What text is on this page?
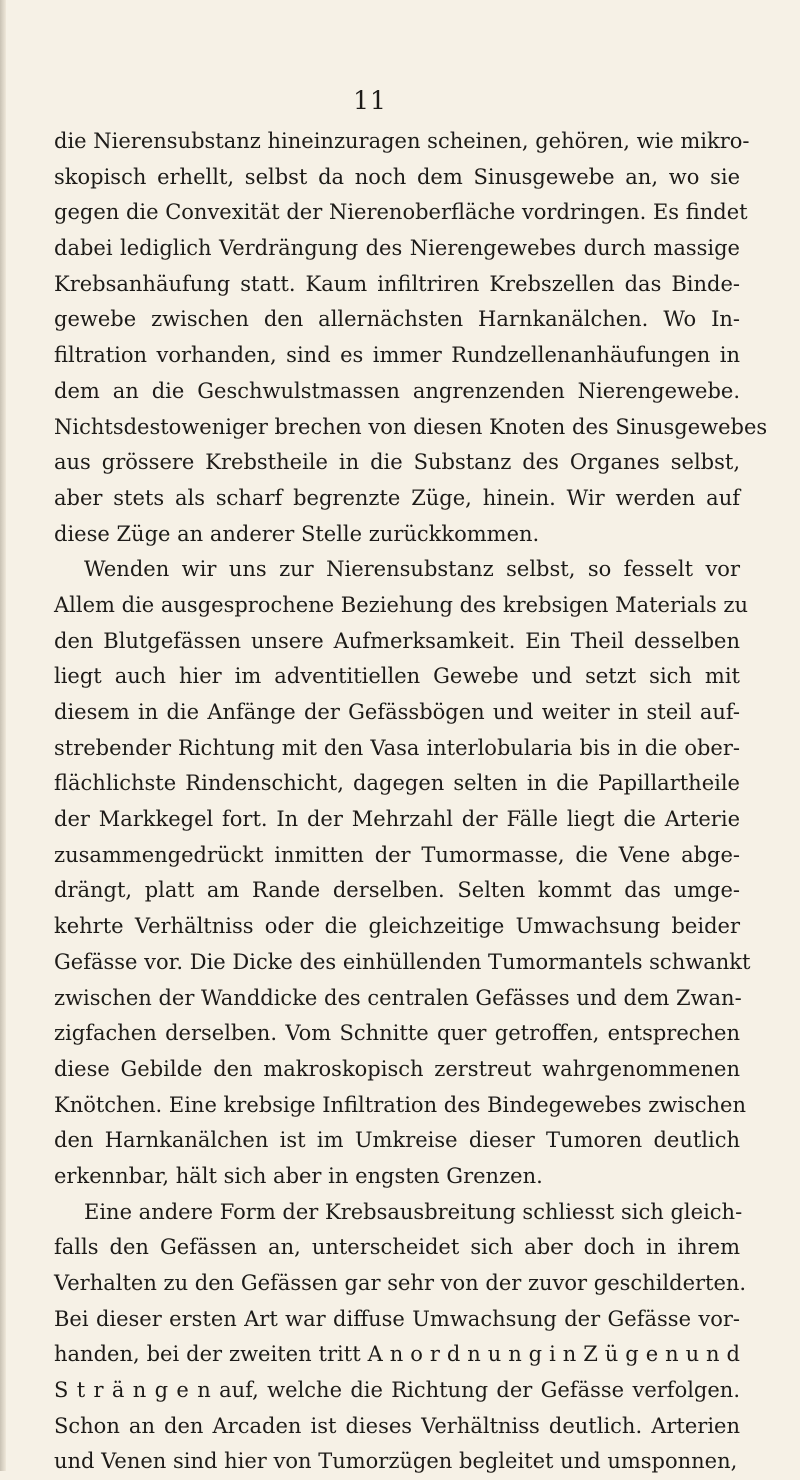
11
die Nierensubstanz hineinzuragen scheinen, gehören, wie mikro-
skopisch erhellt, selbst da noch dem Sinusgewebe an, wo sie
gegen die Convexität der Nierenoberfläche vordringen. Es findet
dabei lediglich Verdrängung des Nierengewebes durch massige
Krebsanhäufung statt. Kaum infiltriren Krebszellen das Binde-
gewebe zwischen den allernächsten Harnkanälchen. Wo In-
filtration vorhanden, sind es immer Rundzellenanhäufungen in
dem an die Geschwulstmassen angrenzenden Nierengewebe.
Nichtsdestoweniger brechen von diesen Knoten des Sinusgewebes
aus grössere Krebstheile in die Substanz des Organes selbst,
aber stets als scharf begrenzte Züge, hinein. Wir werden auf
diese Züge an anderer Stelle zurückkommen.
Wenden wir uns zur Nierensubstanz selbst, so fesselt vor
Allem die ausgesprochene Beziehung des krebsigen Materials zu
den Blutgefässen unsere Aufmerksamkeit. Ein Theil desselben
liegt auch hier im adventitiellen Gewebe und setzt sich mit
diesem in die Anfänge der Gefässbögen und weiter in steil auf-
strebender Richtung mit den Vasa interlobularia bis in die ober-
flächlichste Rindenschicht, dagegen selten in die Papillartheile
der Markkegel fort. In der Mehrzahl der Fälle liegt die Arterie
zusammengedrückt inmitten der Tumormasse, die Vene abge-
drängt, platt am Rande derselben. Selten kommt das umge-
kehrte Verhältniss oder die gleichzeitige Umwachsung beider
Gefässe vor. Die Dicke des einhüllenden Tumormantels schwankt
zwischen der Wanddicke des centralen Gefässes und dem Zwan-
zigfachen derselben. Vom Schnitte quer getroffen, entsprechen
diese Gebilde den makroskopisch zerstreut wahrgenommenen
Knötchen. Eine krebsige Infiltration des Bindegewebes zwischen
den Harnkanälchen ist im Umkreise dieser Tumoren deutlich
erkennbar, hält sich aber in engsten Grenzen.
Eine andere Form der Krebsausbreitung schliesst sich gleich-
falls den Gefässen an, unterscheidet sich aber doch in ihrem
Verhalten zu den Gefässen gar sehr von der zuvor geschilderten.
Bei dieser ersten Art war diffuse Umwachsung der Gefässe vor-
handen, bei der zweiten tritt A n o r d n u n g i n Z ü g e n u n d
S t r ä n g e n auf, welche die Richtung der Gefässe verfolgen.
Schon an den Arcaden ist dieses Verhältniss deutlich. Arterien
und Venen sind hier von Tumorzügen begleitet und umsponnen,
